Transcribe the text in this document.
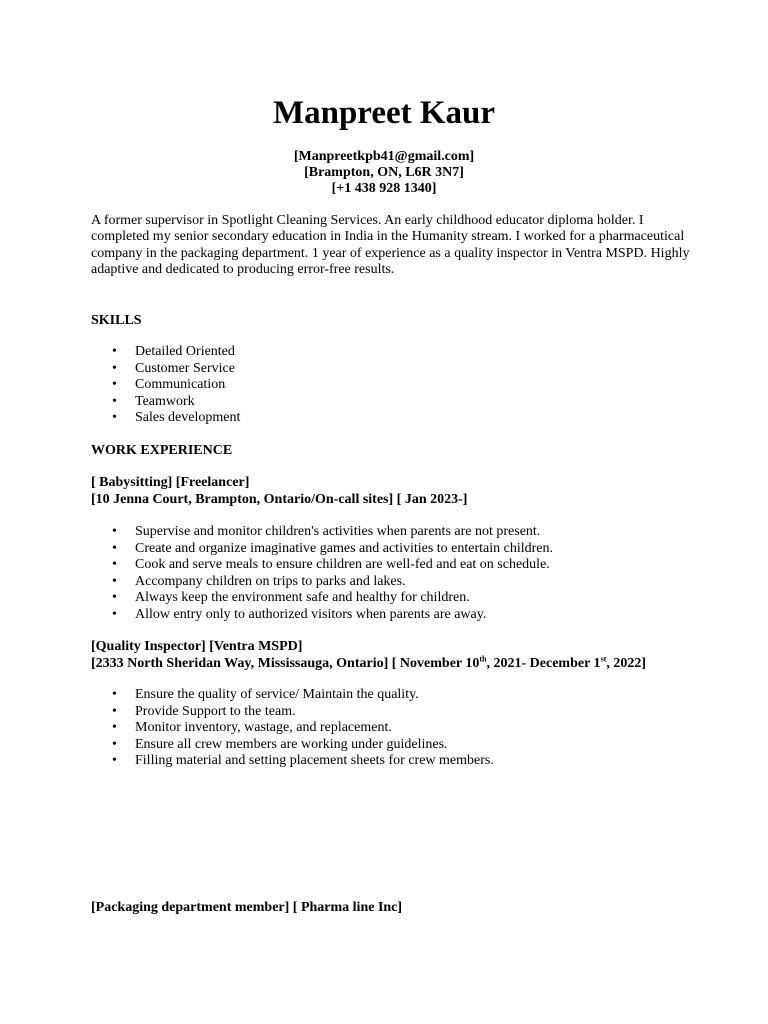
Manpreet Kaur
[Manpreetkpb41@gmail.com]
[Brampton, ON, L6R 3N7]
[+1 438 928 1340]

A former supervisor in Spotlight Cleaning Services. An early childhood educator diploma holder. I completed my senior secondary education in India in the Humanity stream. I worked for a pharmaceutical company in the packaging department. 1 year of experience as a quality inspector in Ventra MSPD. Highly adaptive and dedicated to producing error-free results.

SKILLS
• Detailed Oriented
• Customer Service
• Communication
• Teamwork
• Sales development
WORK EXPERIENCE
[ Babysitting] [Freelancer]
[10 Jenna Court, Brampton, Ontario/On-call sites] [ Jan 2023-]
• Supervise and monitor children's activities when parents are not present.
• Create and organize imaginative games and activities to entertain children.
• Cook and serve meals to ensure children are well-fed and eat on schedule.
• Accompany children on trips to parks and lakes.
• Always keep the environment safe and healthy for children.
• Allow entry only to authorized visitors when parents are away.
[Quality Inspector] [Ventra MSPD]
[2333 North Sheridan Way, Mississauga, Ontario] [ November 10th, 2021- December 1st, 2022]
• Ensure the quality of service/ Maintain the quality.
• Provide Support to the team.
• Monitor inventory, wastage, and replacement.
• Ensure all crew members are working under guidelines.
• Filling material and setting placement sheets for crew members.
[Packaging department member] [ Pharma line Inc]
